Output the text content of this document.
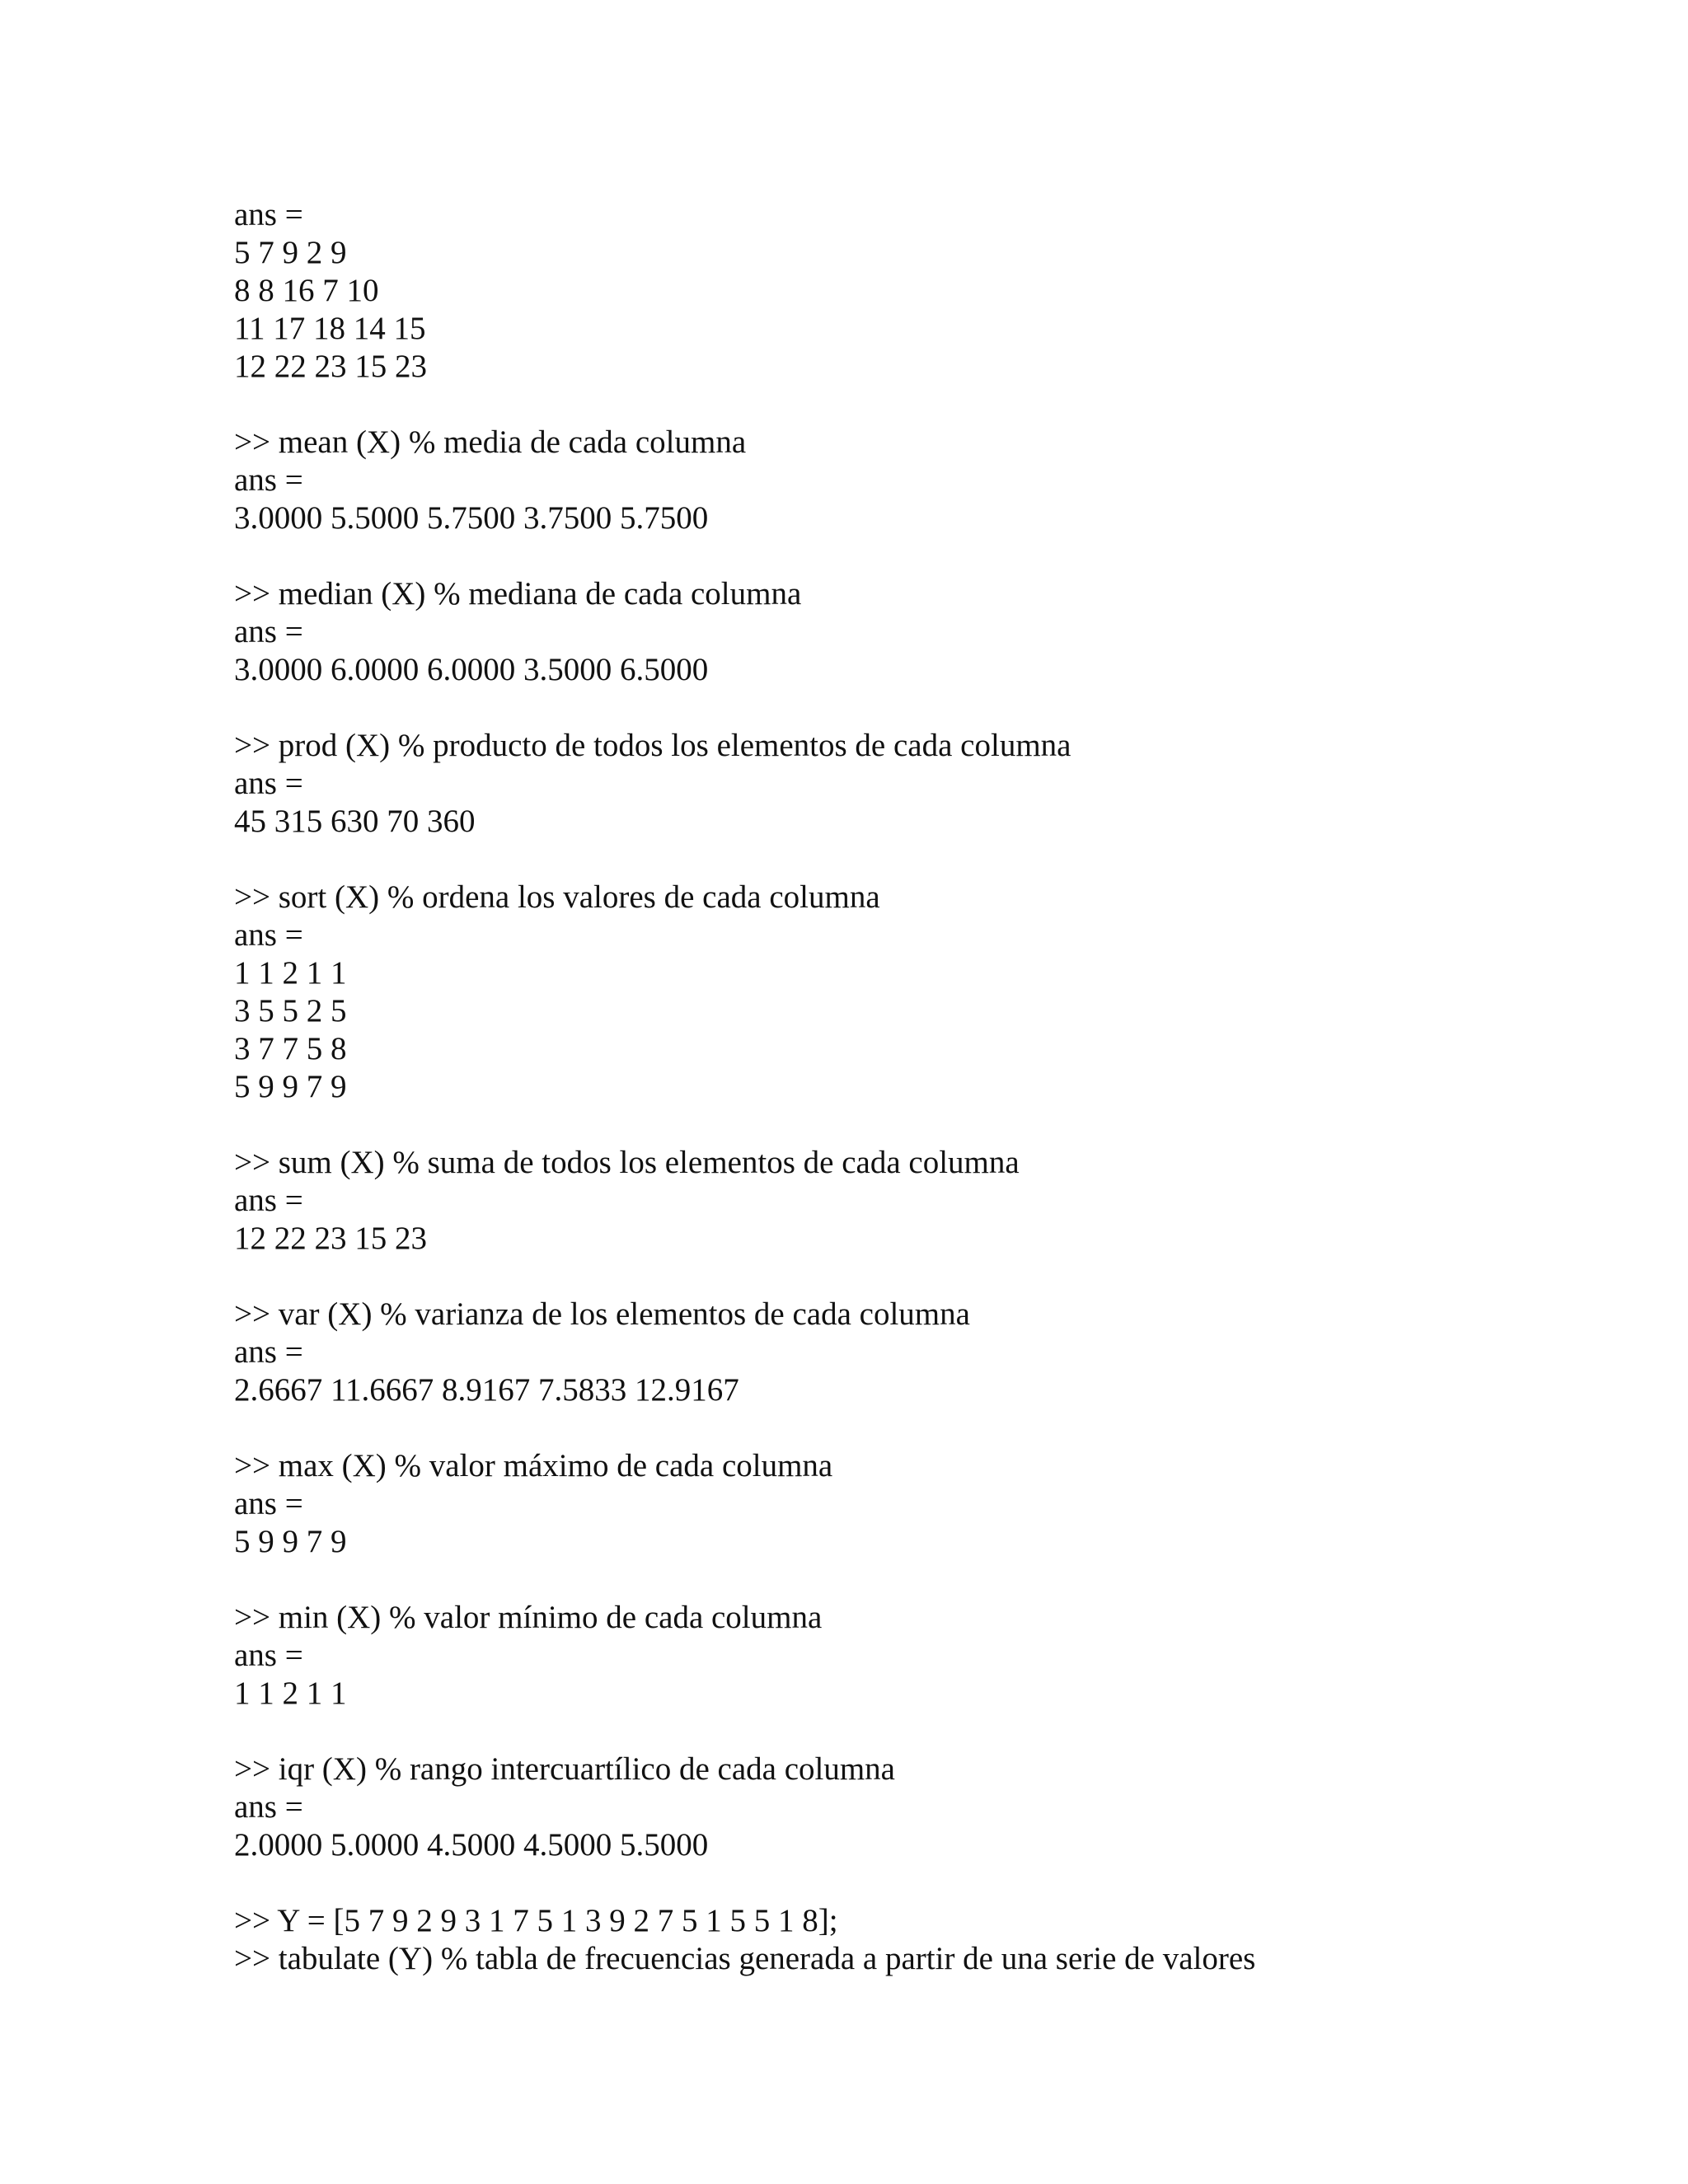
ans =
5 7 9 2 9
8 8 16 7 10
11 17 18 14 15
12 22 23 15 23
>> mean (X) % media de cada columna
ans =
3.0000 5.5000 5.7500 3.7500 5.7500
>> median (X) % mediana de cada columna
ans =
3.0000 6.0000 6.0000 3.5000 6.5000
>> prod (X) % producto de todos los elementos de cada columna
ans =
45 315 630 70 360
>> sort (X) % ordena los valores de cada columna
ans =
1 1 2 1 1
3 5 5 2 5
3 7 7 5 8
5 9 9 7 9
>> sum (X) % suma de todos los elementos de cada columna
ans =
12 22 23 15 23
>> var (X) % varianza de los elementos de cada columna
ans =
2.6667 11.6667 8.9167 7.5833 12.9167
>> max (X) % valor máximo de cada columna
ans =
5 9 9 7 9
>> min (X) % valor mínimo de cada columna
ans =
1 1 2 1 1
>> iqr (X) % rango intercuartílico de cada columna
ans =
2.0000 5.0000 4.5000 4.5000 5.5000
>> Y = [5 7 9 2 9 3 1 7 5 1 3 9 2 7 5 1 5 5 1 8];
>> tabulate (Y) % tabla de frecuencias generada a partir de una serie de valores
